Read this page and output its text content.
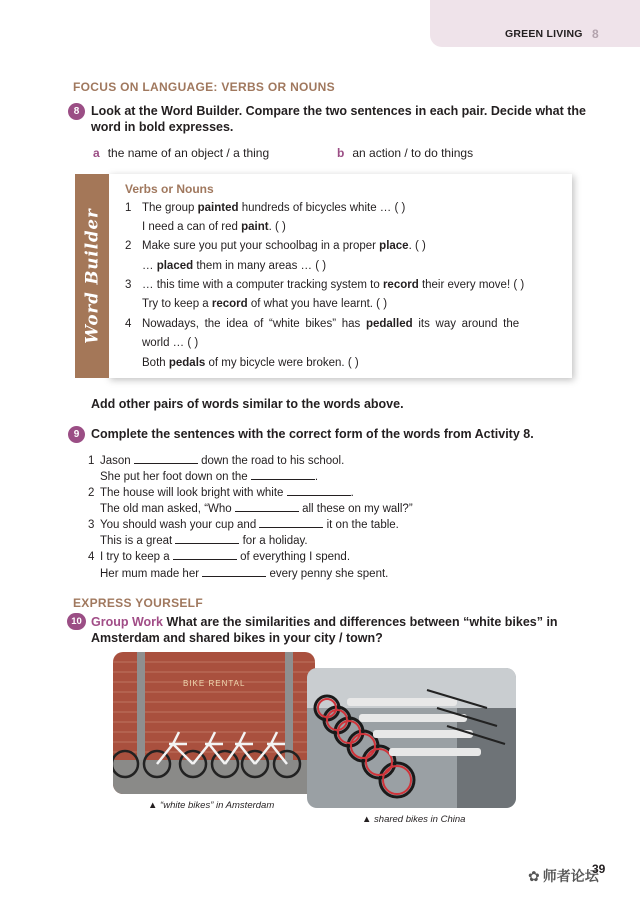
GREEN LIVING 8
FOCUS ON LANGUAGE: VERBS OR NOUNS
8 Look at the Word Builder. Compare the two sentences in each pair. Decide what the
word in bold expresses.
a the name of an object / a thing	b an action / to do things
Word Builder
Verbs or Nouns
1 The group painted hundreds of bicycles white … ( )
I need a can of red paint. ( )
2 Make sure you put your schoolbag in a proper place. ( )
… placed them in many areas … ( )
3 … this time with a computer tracking system to record their every move! ( )
Try to keep a record of what you have learnt. ( )
4 Nowadays, the idea of “white bikes” has pedalled its way around the
world … ( )
Both pedals of my bicycle were broken. ( )
Add other pairs of words similar to the words above.
9 Complete the sentences with the correct form of the words from Activity 8.
1 Jason	down the road to his school.
She put her foot down on the	.
2 The house will look bright with white	.
The old man asked, “Who	all these on my wall?”
3 You should wash your cup and	it on the table.
This is a great	for a holiday.
4 I try to keep a	of everything I spend.
Her mum made her	every penny she spent.
EXPRESS YOURSELF
10 Group Work What are the similarities and differences between “white bikes” in
Amsterdam and shared bikes in your city / town?
BIKE RENTAL
▲ “white bikes” in Amsterdam
▲ shared bikes in China
✿ 师者论坛
39
